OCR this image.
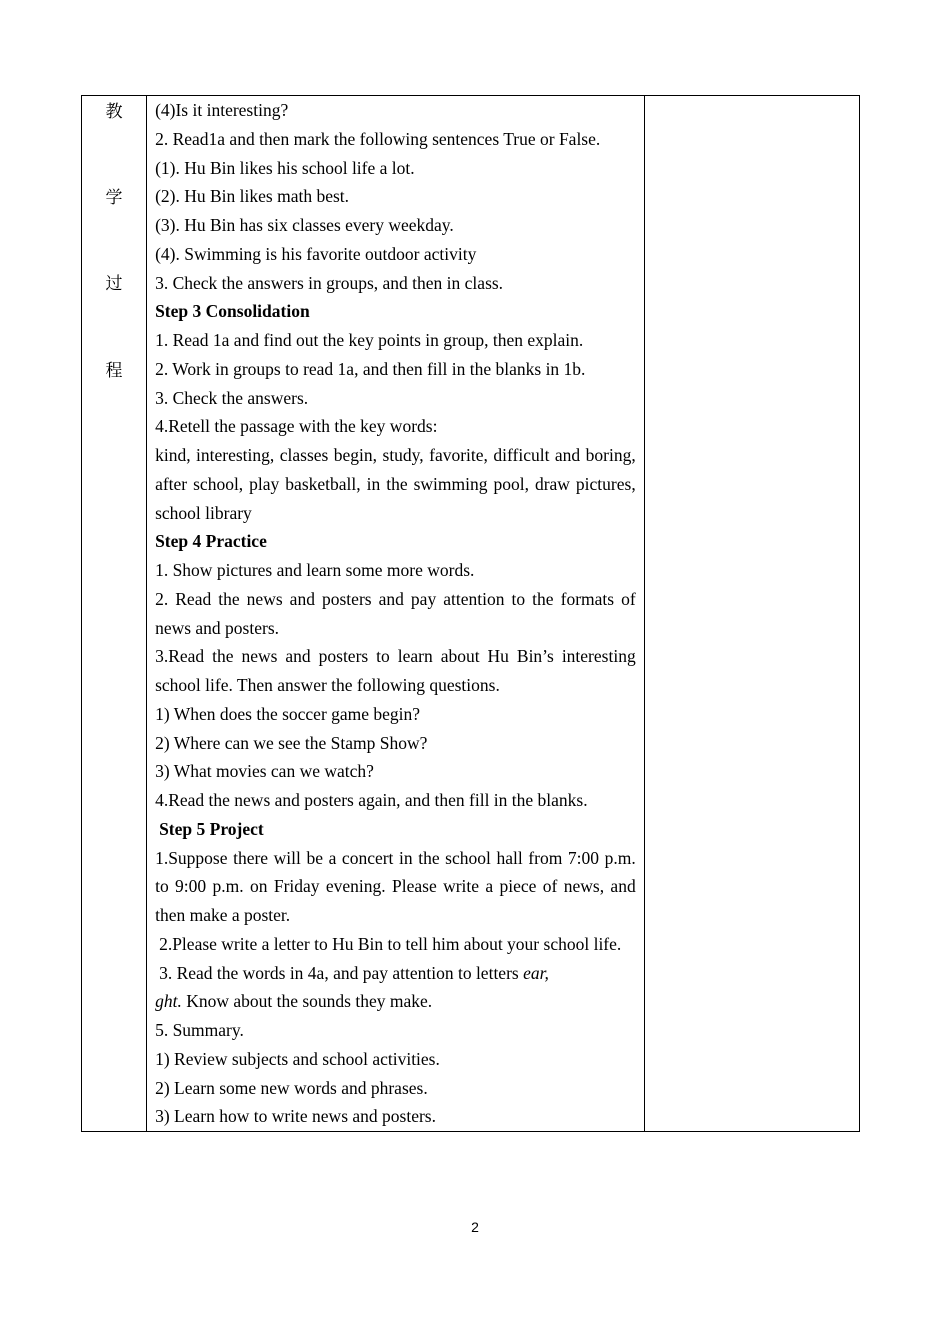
教
学
过
程

(4)Is it interesting?
2. Read1a and then mark the following sentences True or False.
(1). Hu Bin likes his school life a lot.
(2). Hu Bin likes math best.
(3). Hu Bin has six classes every weekday.
(4). Swimming is his favorite outdoor activity
3. Check the answers in groups, and then in class.
Step 3 Consolidation
1. Read 1a and find out the key points in group, then explain.
2. Work in groups to read 1a, and then fill in the blanks in 1b.
3. Check the answers.
4.Retell the passage with the key words:
kind, interesting, classes begin, study, favorite, difficult and boring, after school, play basketball, in the swimming pool, draw pictures, school library
Step 4 Practice
1. Show pictures and learn some more words.
2. Read the news and posters and pay attention to the formats of news and posters.
3.Read the news and posters to learn about Hu Bin’s interesting school life. Then answer the following questions.
1) When does the soccer game begin?
2) Where can we see the Stamp Show?
3) What movies can we watch?
4.Read the news and posters again, and then fill in the blanks.
Step 5 Project
1.Suppose there will be a concert in the school hall from 7:00 p.m. to 9:00 p.m. on Friday evening. Please write a piece of news, and then make a poster.
2.Please write a letter to Hu Bin to tell him about your school life.
3. Read the words in 4a, and pay attention to letters ear,
ght. Know about the sounds they make.
5. Summary.
1) Review subjects and school activities.
2) Learn some new words and phrases.
3) Learn how to write news and posters.

2
